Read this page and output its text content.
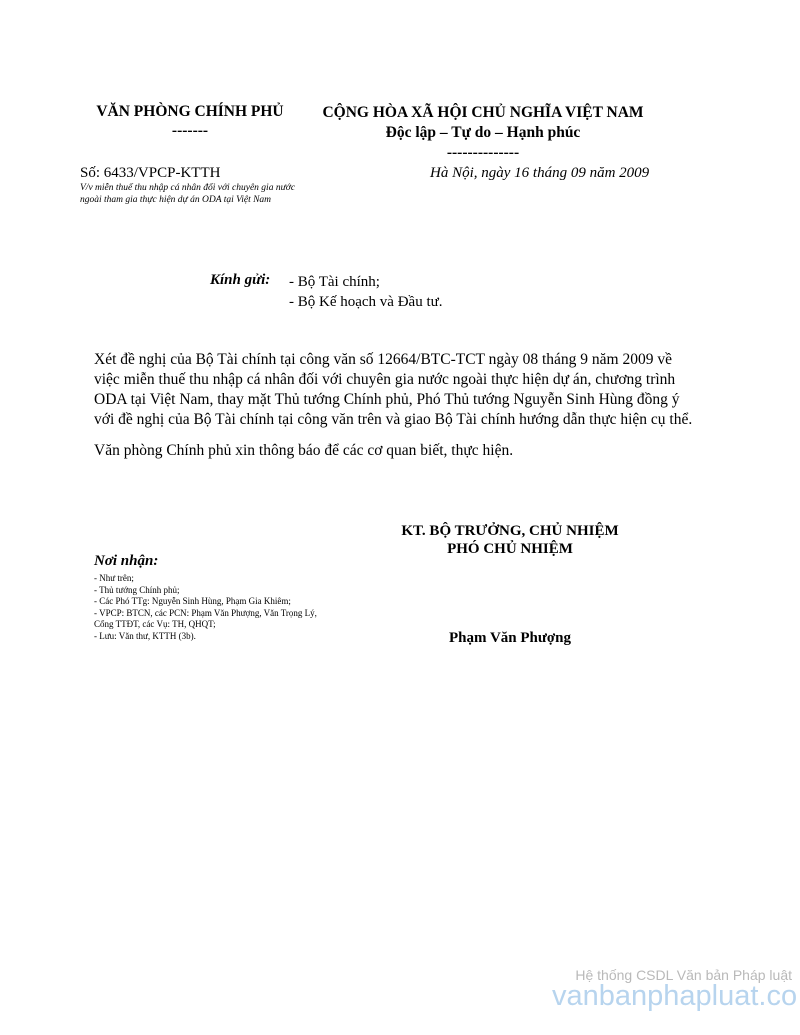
VĂN PHÒNG CHÍNH PHỦ
-------
CỘNG HÒA XÃ HỘI CHỦ NGHĨA VIỆT NAM
Độc lập – Tự do – Hạnh phúc
--------------
Số: 6433/VPCP-KTTH
V/v miễn thuế thu nhập cá nhân đối với chuyên gia nước ngoài tham gia thực hiện dự án ODA tại Việt Nam
Hà Nội, ngày 16 tháng 09 năm 2009
Kính gửi: - Bộ Tài chính;
- Bộ Kế hoạch và Đầu tư.
Xét đề nghị của Bộ Tài chính tại công văn số 12664/BTC-TCT ngày 08 tháng 9 năm 2009 về
việc miễn thuế thu nhập cá nhân đối với chuyên gia nước ngoài thực hiện dự án, chương trình
ODA tại Việt Nam, thay mặt Thủ tướng Chính phủ, Phó Thủ tướng Nguyễn Sinh Hùng đồng ý
với đề nghị của Bộ Tài chính tại công văn trên và giao Bộ Tài chính hướng dẫn thực hiện cụ thể.
Văn phòng Chính phủ xin thông báo để các cơ quan biết, thực hiện.
KT. BỘ TRƯỞNG, CHỦ NHIỆM
PHÓ CHỦ NHIỆM
Phạm Văn Phượng
Nơi nhận:
- Như trên;
- Thủ tướng Chính phủ;
- Các Phó TTg: Nguyễn Sinh Hùng, Phạm Gia Khiêm;
- VPCP: BTCN, các PCN: Phạm Văn Phượng, Văn Trọng Lý,
Cổng TTĐT, các Vụ: TH, QHQT;
- Lưu: Văn thư, KTTH (3b).
Hệ thống CSDL Văn bản Pháp luật
vanbanphapluat.co
